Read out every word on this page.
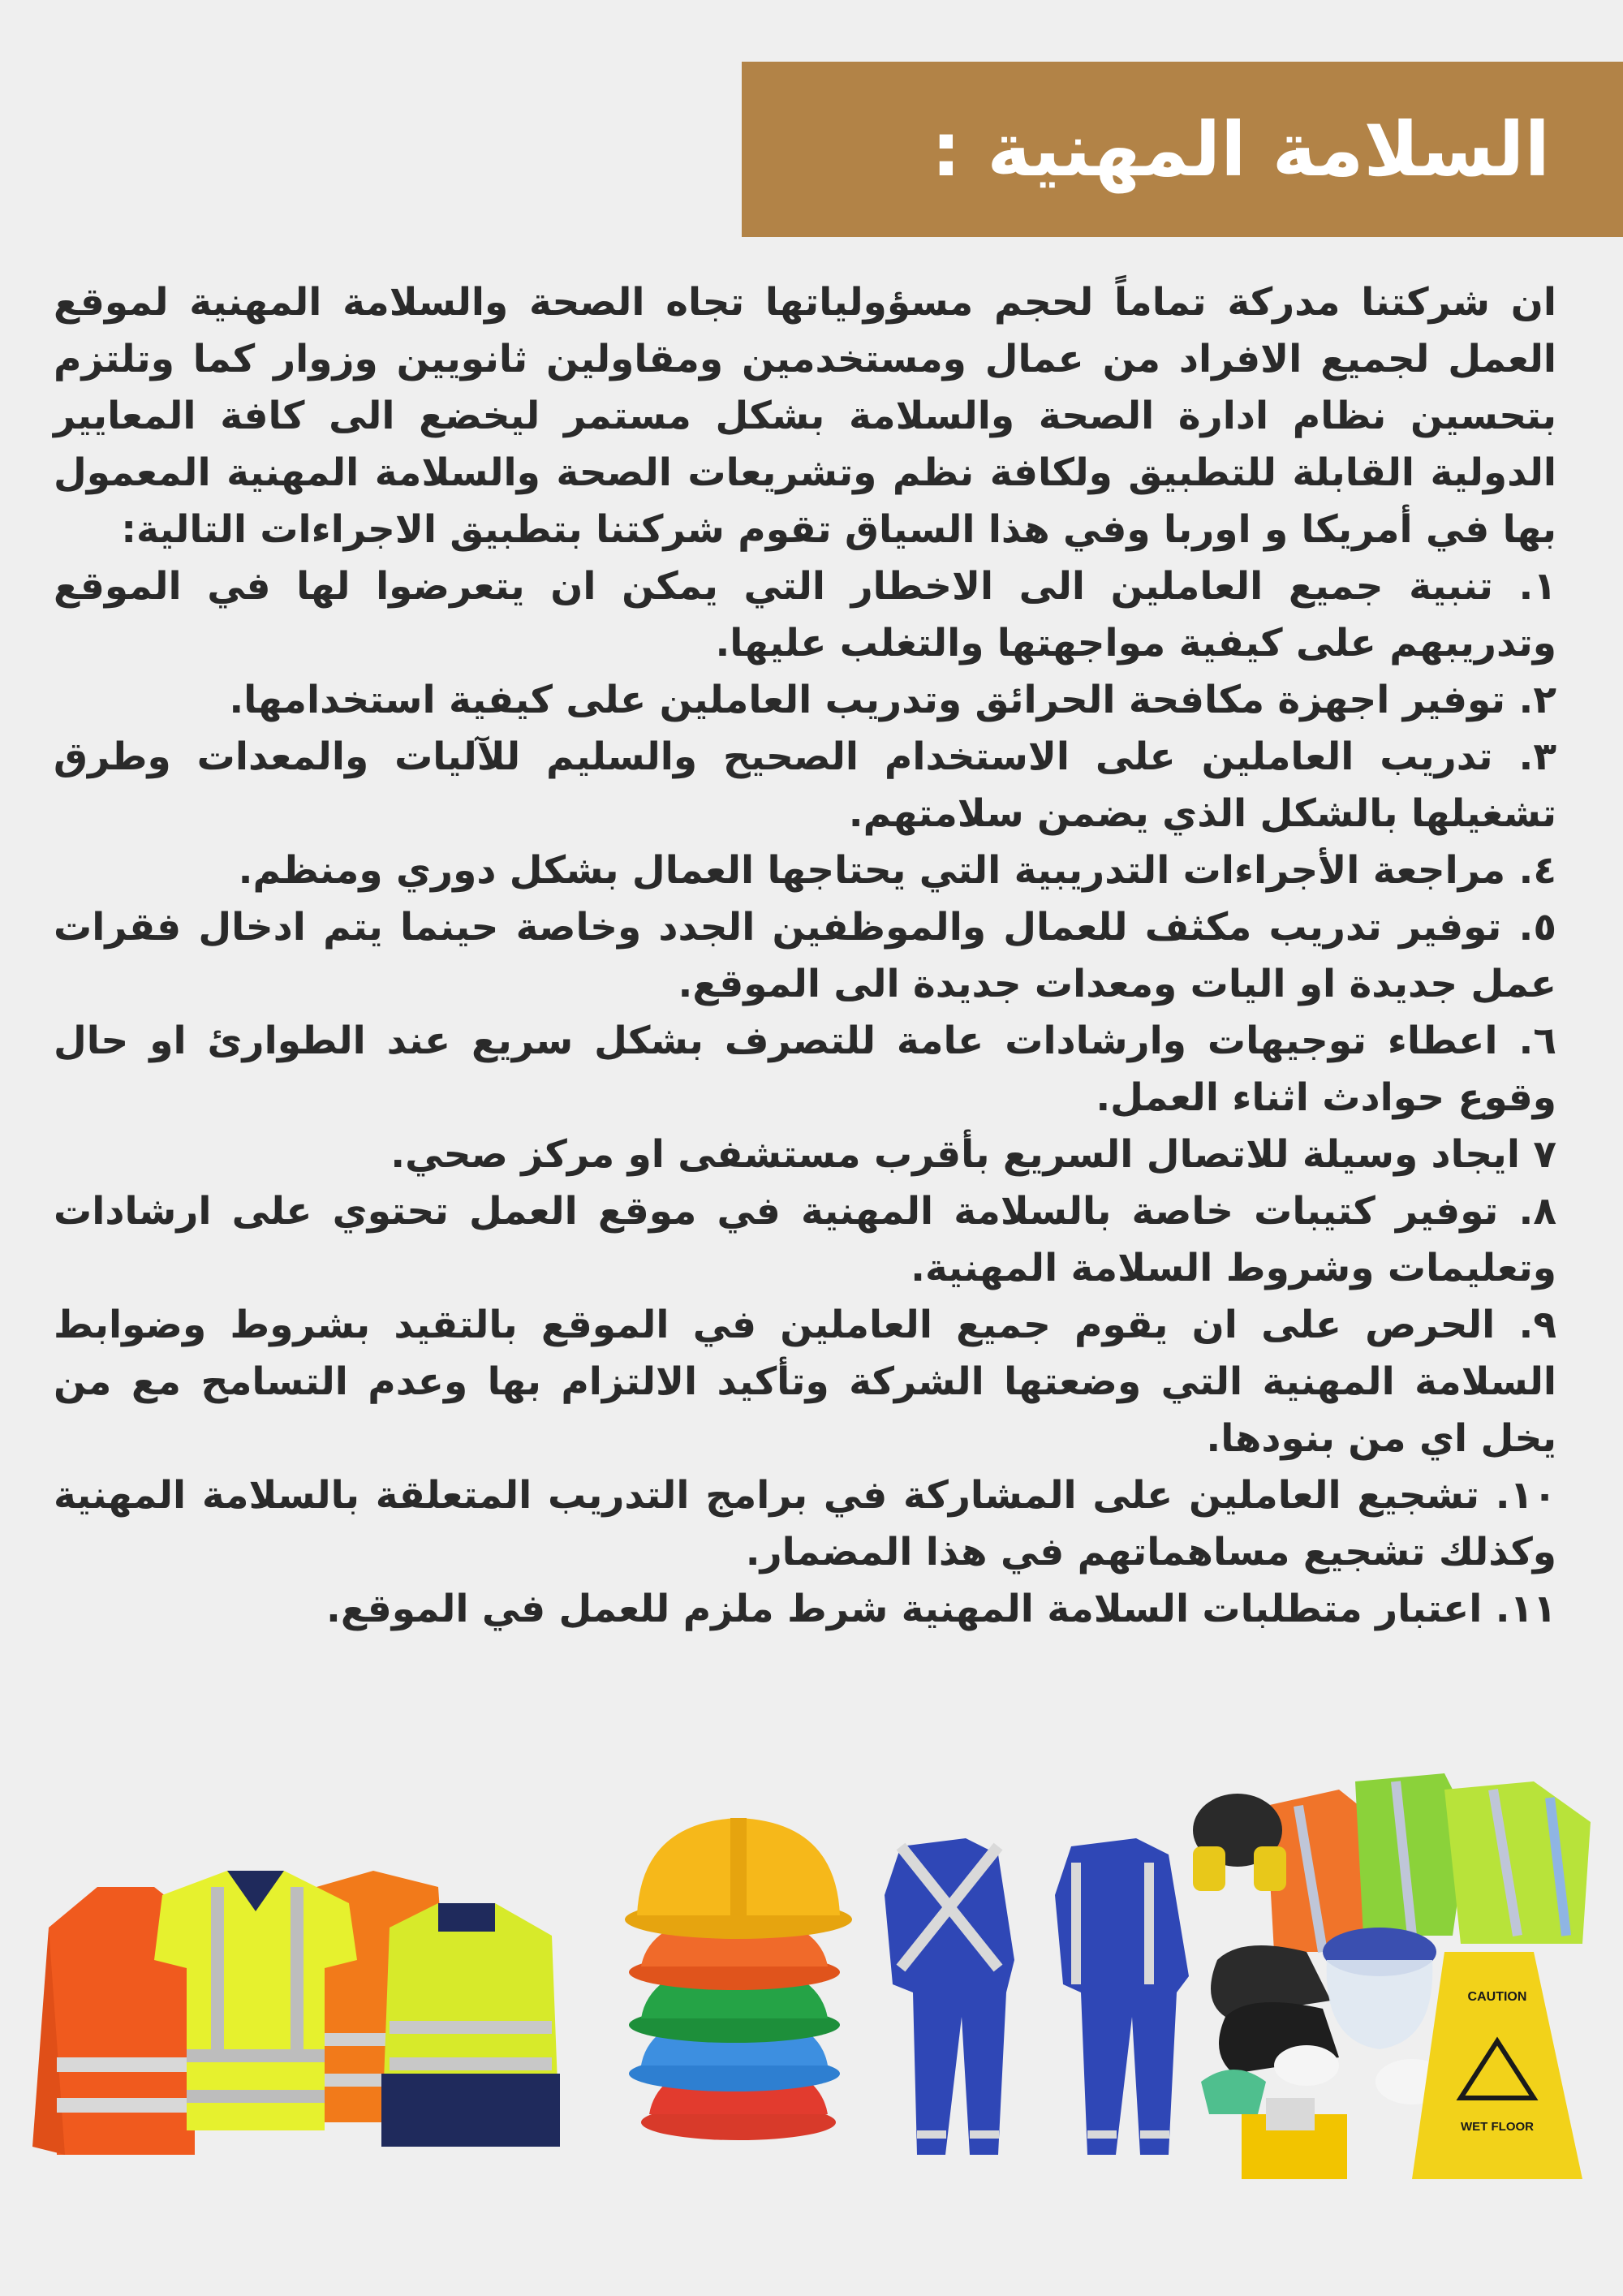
السلامة المهنية :

ان شركتنا مدركة تماماً لحجم مسؤولياتها تجاه الصحة والسلامة المهنية لموقع العمل لجميع الافراد من عمال ومستخدمين ومقاولين ثانويين وزوار كما وتلتزم بتحسين نظام ادارة الصحة والسلامة بشكل مستمر ليخضع الى كافة المعايير الدولية القابلة للتطبيق ولكافة نظم وتشريعات الصحة والسلامة المهنية المعمول بها في أمريكا و اوربا وفي هذا السياق تقوم شركتنا بتطبيق الاجراءات التالية:

١. تنبية جميع العاملين الى الاخطار التي يمكن ان يتعرضوا لها في الموقع وتدريبهم على كيفية مواجهتها والتغلب عليها.

٢. توفير اجهزة مكافحة الحرائق وتدريب العاملين على كيفية استخدامها.

٣. تدريب العاملين على الاستخدام الصحيح والسليم للآليات والمعدات وطرق تشغيلها بالشكل الذي يضمن سلامتهم.

٤. مراجعة الأجراءات التدريبية التي يحتاجها العمال بشكل دوري ومنظم.

٥. توفير تدريب مكثف للعمال والموظفين الجدد وخاصة حينما يتم ادخال فقرات عمل جديدة او اليات ومعدات جديدة الى الموقع.

٦. اعطاء توجيهات وارشادات عامة للتصرف بشكل سريع عند الطوارئ او حال وقوع حوادث اثناء العمل.

٧ ايجاد وسيلة للاتصال السريع بأقرب مستشفى او مركز صحي.

٨. توفير كتيبات خاصة بالسلامة المهنية في موقع العمل تحتوي على ارشادات وتعليمات وشروط السلامة المهنية.

٩. الحرص على ان يقوم جميع العاملين في الموقع بالتقيد بشروط وضوابط السلامة المهنية التي وضعتها الشركة وتأكيد الالتزام بها وعدم التسامح مع من يخل اي من بنودها.

١٠. تشجيع العاملين على المشاركة في برامج التدريب المتعلقة بالسلامة المهنية وكذلك تشجيع مساهماتهم في هذا المضمار.

١١. اعتبار متطلبات السلامة المهنية شرط ملزم للعمل في الموقع.

CAUTION
WET FLOOR
